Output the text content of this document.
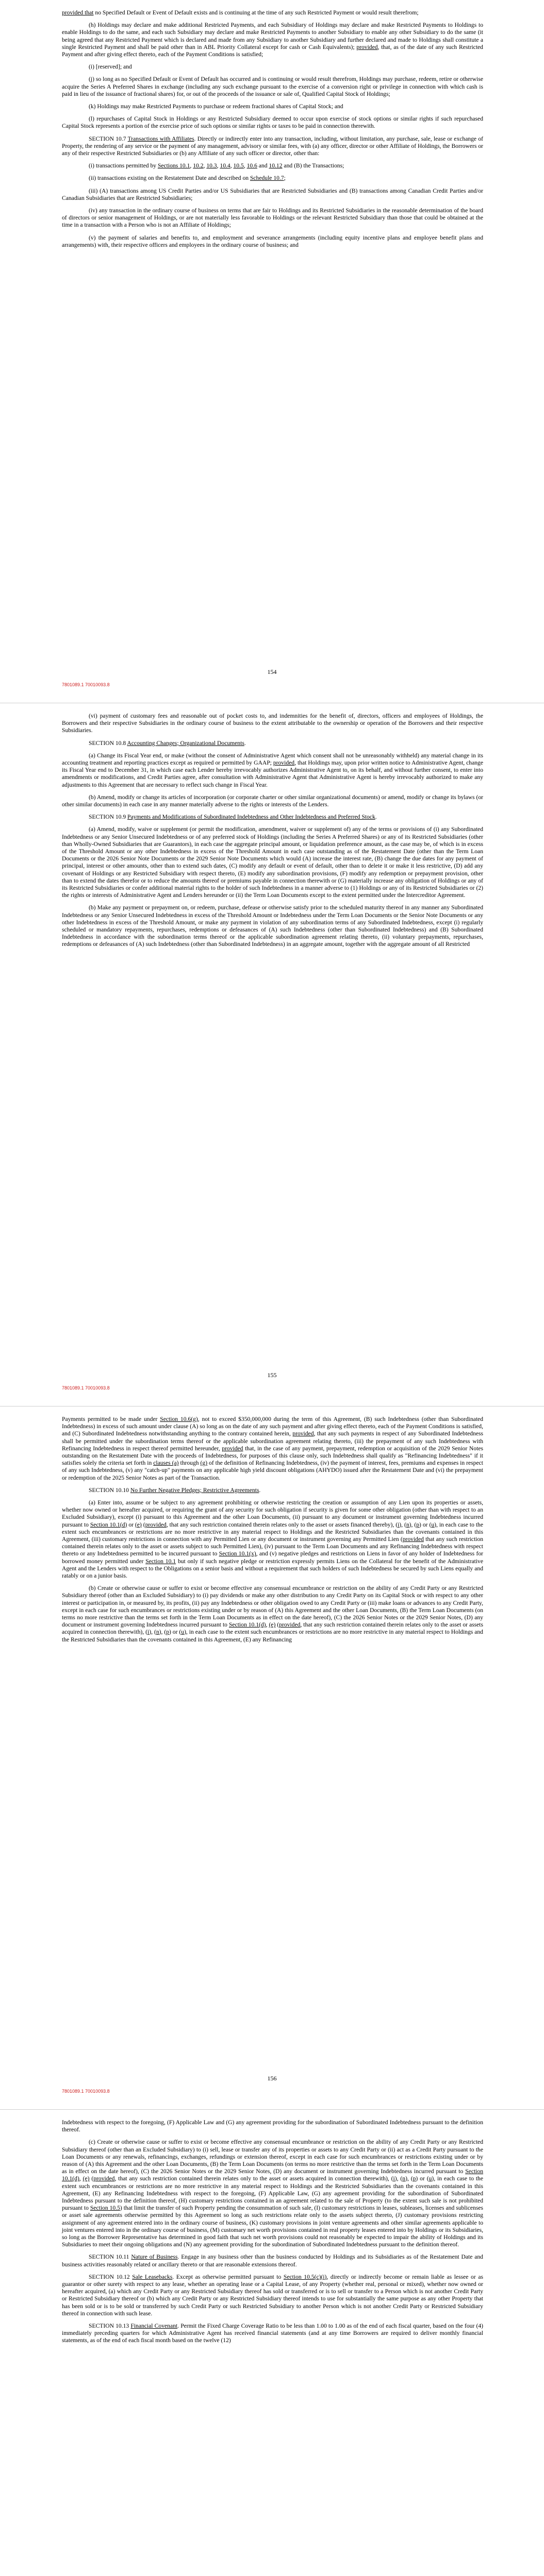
provided that no Specified Default or Event of Default exists and is continuing at the time of any such Restricted Payment or would result therefrom;

(h) Holdings may declare and make additional Restricted Payments, and each Subsidiary of Holdings may declare and make Restricted Payments to Holdings to enable Holdings to do the same, and each such Subsidiary may declare and make Restricted Payments to another Subsidiary to enable any other Subsidiary to do the same (it being agreed that any Restricted Payment which is declared and made from any Subsidiary to another Subsidiary and further declared and made to Holdings shall constitute a single Restricted Payment and shall be paid other than in ABL Priority Collateral except for cash or Cash Equivalents); provided, that, as of the date of any such Restricted Payment and after giving effect thereto, each of the Payment Conditions is satisfied;

(i) [reserved]; and

(j) so long as no Specified Default or Event of Default has occurred and is continuing or would result therefrom, Holdings may purchase, redeem, retire or otherwise acquire the Series A Preferred Shares in exchange (including any such exchange pursuant to the exercise of a conversion right or privilege in connection with which cash is paid in lieu of the issuance of fractional shares) for, or out of the proceeds of the issuance or sale of, Qualified Capital Stock of Holdings;

(k) Holdings may make Restricted Payments to purchase or redeem fractional shares of Capital Stock; and

(l) repurchases of Capital Stock in Holdings or any Restricted Subsidiary deemed to occur upon exercise of stock options or similar rights if such repurchased Capital Stock represents a portion of the exercise price of such options or similar rights or taxes to be paid in connection therewith.

SECTION 10.7 Transactions with Affiliates. Directly or indirectly enter into any transaction, including, without limitation, any purchase, sale, lease or exchange of Property, the rendering of any service or the payment of any management, advisory or similar fees, with (a) any officer, director or other Affiliate of Holdings, the Borrowers or any of their respective Restricted Subsidiaries or (b) any Affiliate of any such officer or director, other than:

(i) transactions permitted by Sections 10.1, 10.2, 10.3, 10.4, 10.5, 10.6 and 10.12 and (B) the Transactions;

(ii) transactions existing on the Restatement Date and described on Schedule 10.7;

(iii) (A) transactions among US Credit Parties and/or US Subsidiaries that are Restricted Subsidiaries and (B) transactions among Canadian Credit Parties and/or Canadian Subsidiaries that are Restricted Subsidiaries;

(iv) any transaction in the ordinary course of business on terms that are fair to Holdings and its Restricted Subsidiaries in the reasonable determination of the board of directors or senior management of Holdings, or are not materially less favorable to Holdings or the relevant Restricted Subsidiary than those that could be obtained at the time in a transaction with a Person who is not an Affiliate of Holdings;

(v) the payment of salaries and benefits to, and employment and severance arrangements (including equity incentive plans and employee benefit plans and arrangements) with, their respective officers and employees in the ordinary course of business; and

154
7801089.1 70010093.8

(vi) payment of customary fees and reasonable out of pocket costs to, and indemnities for the benefit of, directors, officers and employees of Holdings, the Borrowers and their respective Subsidiaries in the ordinary course of business to the extent attributable to the ownership or operation of the Borrowers and their respective Subsidiaries.

SECTION 10.8 Accounting Changes; Organizational Documents.

(a) Change its Fiscal Year end, or make (without the consent of Administrative Agent which consent shall not be unreasonably withheld) any material change in its accounting treatment and reporting practices except as required or permitted by GAAP; provided, that Holdings may, upon prior written notice to Administrative Agent, change its Fiscal Year end to December 31, in which case each Lender hereby irrevocably authorizes Administrative Agent to, on its behalf, and without further consent, to enter into amendments or modifications, and Credit Parties agree, after consultation with Administrative Agent that Administrative Agent is hereby irrevocably authorized to make any adjustments to this Agreement that are necessary to reflect such change in Fiscal Year.

(b) Amend, modify or change its articles of incorporation (or corporate charter or other similar organizational documents) or amend, modify or change its bylaws (or other similar documents) in each case in any manner materially adverse to the rights or interests of the Lenders.

SECTION 10.9 Payments and Modifications of Subordinated Indebtedness and Other Indebtedness and Preferred Stock.

(a) Amend, modify, waive or supplement (or permit the modification, amendment, waiver or supplement of) any of the terms or provisions of (i) any Subordinated Indebtedness or any Senior Unsecured Indebtedness or of any preferred stock of Holdings (including the Series A Preferred Shares) or any of its Restricted Subsidiaries (other than Wholly-Owned Subsidiaries that are Guarantors), in each case the aggregate principal amount, or liquidation preference amount, as the case may be, of which is in excess of the Threshold Amount or any other Indebtedness in excess of the Threshold Amount in each case outstanding as of the Restatement Date (other than the Term Loan Documents or the 2026 Senior Note Documents or the 2029 Senior Note Documents which would (A) increase the interest rate, (B) change the due dates for any payment of principal, interest or other amounts, other than to extend such dates, (C) modify any default or event of default, other than to delete it or make it less restrictive, (D) add any covenant of Holdings or any Restricted Subsidiary with respect thereto, (E) modify any subordination provisions, (F) modify any redemption or prepayment provision, other than to extend the dates therefor or to reduce the amounts thereof or premiums payable in connection therewith or (G) materially increase any obligation of Holdings or any of its Restricted Subsidiaries or confer additional material rights to the holder of such Indebtedness in a manner adverse to (1) Holdings or any of its Restricted Subsidiaries or (2) the rights or interests of Administrative Agent and Lenders hereunder or (ii) the Term Loan Documents except to the extent permitted under the Intercreditor Agreement.

(b) Make any payment or prepayment on, or redeem, purchase, defease or otherwise satisfy prior to the scheduled maturity thereof in any manner any Subordinated Indebtedness or any Senior Unsecured Indebtedness in excess of the Threshold Amount or Indebtedness under the Term Loan Documents or the Senior Note Documents or any other Indebtedness in excess of the Threshold Amount, or make any payment in violation of any subordination terms of any Subordinated Indebtedness, except (i) regularly scheduled or mandatory repayments, repurchases, redemptions or defeasances of (A) such Indebtedness (other than Subordinated Indebtedness) and (B) Subordinated Indebtedness in accordance with the subordination terms thereof or the applicable subordination agreement relating thereto, (ii) voluntary prepayments, repurchases, redemptions or defeasances of (A) such Indebtedness (other than Subordinated Indebtedness) in an aggregate amount, together with the aggregate amount of all Restricted

155
7801089.1 70010093.8

Payments permitted to be made under Section 10.6(g), not to exceed $350,000,000 during the term of this Agreement, (B) such Indebtedness (other than Subordinated Indebtedness) in excess of such amount under clause (A) so long as on the date of any such payment and after giving effect thereto, each of the Payment Conditions is satisfied, and (C) Subordinated Indebtedness notwithstanding anything to the contrary contained herein, provided, that any such payments in respect of any Subordinated Indebtedness shall be permitted under the subordination terms thereof or the applicable subordination agreement relating thereto, (iii) the prepayment of any such Indebtedness with Refinancing Indebtedness in respect thereof permitted hereunder, provided that, in the case of any payment, prepayment, redemption or acquisition of the 2029 Senior Notes outstanding on the Restatement Date with the proceeds of Indebtedness, for purposes of this clause only, such Indebtedness shall qualify as "Refinancing Indebtedness" if it satisfies solely the criteria set forth in clauses (a) through (g) of the definition of Refinancing Indebtedness, (iv) the payment of interest, fees, premiums and expenses in respect of any such Indebtedness, (v) any "catch-up" payments on any applicable high yield discount obligations (AHYDO) issued after the Restatement Date and (vi) the prepayment or redemption of the 2025 Senior Notes as part of the Transaction.

SECTION 10.10 No Further Negative Pledges; Restrictive Agreements.

(a) Enter into, assume or be subject to any agreement prohibiting or otherwise restricting the creation or assumption of any Lien upon its properties or assets, whether now owned or hereafter acquired, or requiring the grant of any security for such obligation if security is given for some other obligation (other than with respect to an Excluded Subsidiary), except (i) pursuant to this Agreement and the other Loan Documents, (ii) pursuant to any document or instrument governing Indebtedness incurred pursuant to Section 10.1(d) or (e) (provided, that any such restriction contained therein relates only to the asset or assets financed thereby), (i), (n), (p) or (u), in each case to the extent such encumbrances or restrictions are no more restrictive in any material respect to Holdings and the Restricted Subsidiaries than the covenants contained in this Agreement, (iii) customary restrictions in connection with any Permitted Lien or any document or instrument governing any Permitted Lien (provided that any such restriction contained therein relates only to the asset or assets subject to such Permitted Lien), (iv) pursuant to the Term Loan Documents and any Refinancing Indebtedness with respect thereto or any Indebtedness permitted to be incurred pursuant to Section 10.1(x), and (v) negative pledges and restrictions on Liens in favor of any holder of Indebtedness for borrowed money permitted under Section 10.1 but only if such negative pledge or restriction expressly permits Liens on the Collateral for the benefit of the Administrative Agent and the Lenders with respect to the Obligations on a senior basis and without a requirement that such holders of such Indebtedness be secured by such Liens equally and ratably or on a junior basis.

(b) Create or otherwise cause or suffer to exist or become effective any consensual encumbrance or restriction on the ability of any Credit Party or any Restricted Subsidiary thereof (other than an Excluded Subsidiary) to (i) pay dividends or make any other distribution to any Credit Party on its Capital Stock or with respect to any other interest or participation in, or measured by, its profits, (ii) pay any Indebtedness or other obligation owed to any Credit Party or (iii) make loans or advances to any Credit Party, except in each case for such encumbrances or restrictions existing under or by reason of (A) this Agreement and the other Loan Documents, (B) the Term Loan Documents (on terms no more restrictive than the terms set forth in the Term Loan Documents as in effect on the date hereof), (C) the 2026 Senior Notes or the 2029 Senior Notes, (D) any document or instrument governing Indebtedness incurred pursuant to Section 10.1(d), (e) (provided, that any such restriction contained therein relates only to the asset or assets acquired in connection therewith), (i), (n), (p) or (u), in each case to the extent such encumbrances or restrictions are no more restrictive in any material respect to Holdings and the Restricted Subsidiaries than the covenants contained in this Agreement, (E) any Refinancing

156
7801089.1 70010093.8

Indebtedness with respect to the foregoing, (F) Applicable Law and (G) any agreement providing for the subordination of Subordinated Indebtedness pursuant to the definition thereof.

(c) Create or otherwise cause or suffer to exist or become effective any consensual encumbrance or restriction on the ability of any Credit Party or any Restricted Subsidiary thereof (other than an Excluded Subsidiary) to (i) sell, lease or transfer any of its properties or assets to any Credit Party or (ii) act as a Credit Party pursuant to the Loan Documents or any renewals, refinancings, exchanges, refundings or extension thereof, except in each case for such encumbrances or restrictions existing under or by reason of (A) this Agreement and the other Loan Documents, (B) the Term Loan Documents (on terms no more restrictive than the terms set forth in the Term Loan Documents as in effect on the date hereof), (C) the 2026 Senior Notes or the 2029 Senior Notes, (D) any document or instrument governing Indebtedness incurred pursuant to Section 10.1(d), (e) (provided, that any such restriction contained therein relates only to the asset or assets acquired in connection therewith), (i), (n), (p) or (u), in each case to the extent such encumbrances or restrictions are no more restrictive in any material respect to Holdings and the Restricted Subsidiaries than the covenants contained in this Agreement, (E) any Refinancing Indebtedness with respect to the foregoing, (F) Applicable Law, (G) any agreement providing for the subordination of Subordinated Indebtedness pursuant to the definition thereof, (H) customary restrictions contained in an agreement related to the sale of Property (to the extent such sale is not prohibited pursuant to Section 10.5) that limit the transfer of such Property pending the consummation of such sale, (I) customary restrictions in leases, subleases, licenses and sublicenses or asset sale agreements otherwise permitted by this Agreement so long as such restrictions relate only to the assets subject thereto, (J) customary provisions restricting assignment of any agreement entered into in the ordinary course of business, (K) customary provisions in joint venture agreements and other similar agreements applicable to joint ventures entered into in the ordinary course of business, (M) customary net worth provisions contained in real property leases entered into by Holdings or its Subsidiaries, so long as the Borrower Representative has determined in good faith that such net worth provisions could not reasonably be expected to impair the ability of Holdings and its Subsidiaries to meet their ongoing obligations and (N) any agreement providing for the subordination of Subordinated Indebtedness pursuant to the definition thereof.

SECTION 10.11 Nature of Business. Engage in any business other than the business conducted by Holdings and its Subsidiaries as of the Restatement Date and business activities reasonably related or ancillary thereto or that are reasonable extensions thereof.

SECTION 10.12 Sale Leasebacks. Except as otherwise permitted pursuant to Section 10.5(c)(i), directly or indirectly become or remain liable as lessee or as guarantor or other surety with respect to any lease, whether an operating lease or a Capital Lease, of any Property (whether real, personal or mixed), whether now owned or hereafter acquired, (a) which any Credit Party or any Restricted Subsidiary thereof has sold or transferred or is to sell or transfer to a Person which is not another Credit Party or Restricted Subsidiary thereof or (b) which any Credit Party or any Restricted Subsidiary thereof intends to use for substantially the same purpose as any other Property that has been sold or is to be sold or transferred by such Credit Party or such Restricted Subsidiary to another Person which is not another Credit Party or Restricted Subsidiary thereof in connection with such lease.

SECTION 10.13 Financial Covenant. Permit the Fixed Charge Coverage Ratio to be less than 1.00 to 1.00 as of the end of each fiscal quarter, based on the four (4) immediately preceding quarters for which Administrative Agent has received financial statements (and at any time Borrowers are required to deliver monthly financial statements, as of the end of each fiscal month based on the twelve (12)
